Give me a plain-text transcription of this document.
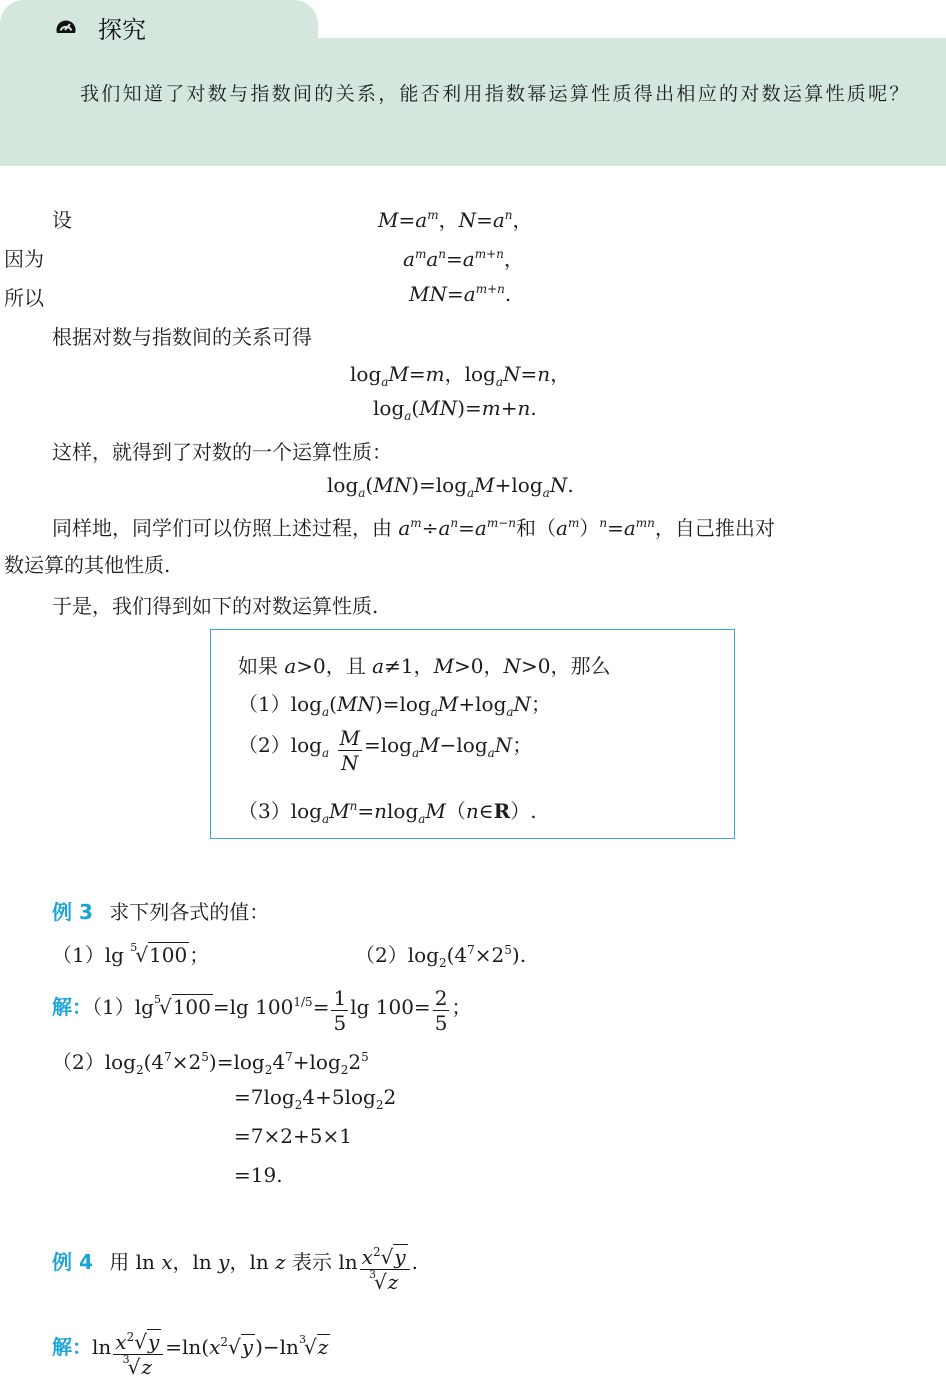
探究
我们知道了对数与指数间的关系，能否利用指数幂运算性质得出相应的对数运算性质呢？
设	$M=a^m$，$N=a^n$，
因为	$a^ma^n=a^{m+n}$，
所以	$MN=a^{m+n}$.
根据对数与指数间的关系可得
$\log_aM=m$，$\log_aN=n$，
$\log_a(MN)=m+n$.
这样，就得到了对数的一个运算性质：
$\log_a(MN)=\log_aM+\log_aN$.
同样地，同学们可以仿照上述过程，由 $a^m\div a^n=a^{m-n}$和$(a^m)^n=a^{mn}$，自己推出对
数运算的其他性质.
于是，我们得到如下的对数运算性质.
如果 a>0，且 a≠1，M>0，N>0，那么
$(1)\log_a(MN)=\log_aM+\log_aN$；
$(2)\log_a \frac{M}{N} =\log_aM-\log_aN$；
$(3)\log_aM^n=nlog_aM(n\in R)$.
例 3 求下列各式的值：
（1）lg $^5$√100 ；	$(2)\log_2(4^7\times 2^5)$.
解：$(1)\lg^5√100 =\lg$ $100^{1/5}= \frac{1}{5}$ $\lg 100= \frac{2}{5}$ ；
$(2)\log_2(4^7\times 2^5)=\log_24^7+\log_22^5$
$=7\log_24+5\log_22$
=7×2+5×1
=19.
例 4 用 ln x，ln y，ln z 表示 $\ln \frac{x^2√y}{^3√z}$ .
解：$\ln \frac{x^2√y}{^3√z} =\ln(x^2√y$ )$-\ln^3√z$
